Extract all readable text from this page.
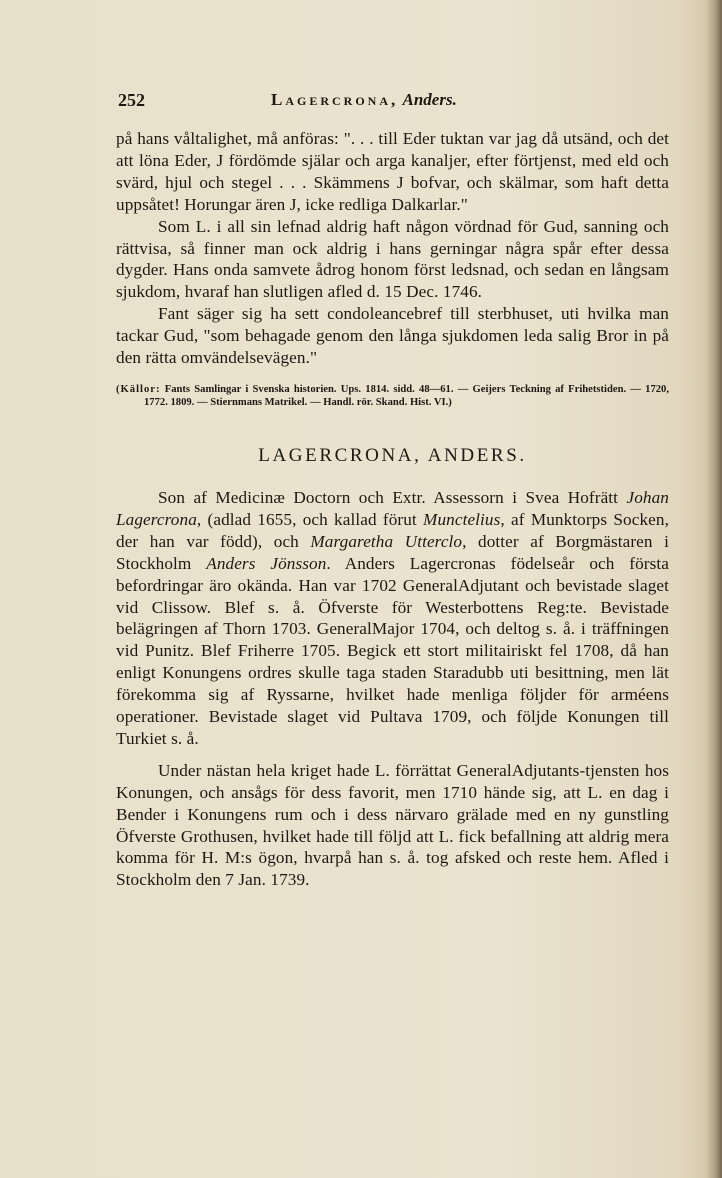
252	Lagercrona, Anders.

på hans våltalighet, må anföras: ". . . till Eder tuktan var jag då utsänd, och det att löna Eder, J fördömde själar och arga kanaljer, efter förtjenst, med eld och svärd, hjul och stegel . . . Skämmens J bofvar, och skälmar, som haft detta uppsåtet! Horungar ären J, icke redliga Dalkarlar."

Som L. i all sin lefnad aldrig haft någon vördnad för Gud, sanning och rättvisa, så finner man ock aldrig i hans gerningar några spår efter dessa dygder. Hans onda samvete ådrog honom först ledsnad, och sedan en långsam sjukdom, hvaraf han slutligen afled d. 15 Dec. 1746.

Fant säger sig ha sett condoleancebref till sterbhuset, uti hvilka man tackar Gud, "som behagade genom den långa sjukdomen leda salig Bror in på den rätta omvändelsevägen."

(Källor: Fants Samlingar i Svenska historien. Ups. 1814. sidd. 48—61. — Geijers Teckning af Frihetstiden. — 1720, 1772. 1809. — Stiernmans Matrikel. — Handl. rör. Skand. Hist. VI.)
LAGERCRONA, ANDERS.

Son af Medicinæ Doctorn och Extr. Assessorn i Svea Hofrätt Johan Lagercrona, (adlad 1655, och kallad förut Munctelius, af Munktorps Socken, der han var född), och Margaretha Utterclo, dotter af Borgmästaren i Stockholm Anders Jönsson. Anders Lagercronas födelseår och första befordringar äro okända. Han var 1702 GeneralAdjutant och bevistade slaget vid Clissow. Blef s. å. Öfverste för Westerbottens Reg:te. Bevistade belägringen af Thorn 1703. GeneralMajor 1704, och deltog s. å. i träffningen vid Punitz. Blef Friherre 1705. Begick ett stort militairiskt fel 1708, då han enligt Konungens ordres skulle taga staden Staradubb uti besittning, men lät förekomma sig af Ryssarne, hvilket hade menliga följder för arméens operationer. Bevistade slaget vid Pultava 1709, och följde Konungen till Turkiet s. å.

Under nästan hela kriget hade L. förrättat GeneralAdjutants-tjensten hos Konungen, och ansågs för dess favorit, men 1710 hände sig, att L. en dag i Bender i Konungens rum och i dess närvaro grälade med en ny gunstling Öfverste Grothusen, hvilket hade till följd att L. fick befallning att aldrig mera komma för H. M:s ögon, hvarpå han s. å. tog afsked och reste hem. Afled i Stockholm den 7 Jan. 1739.
